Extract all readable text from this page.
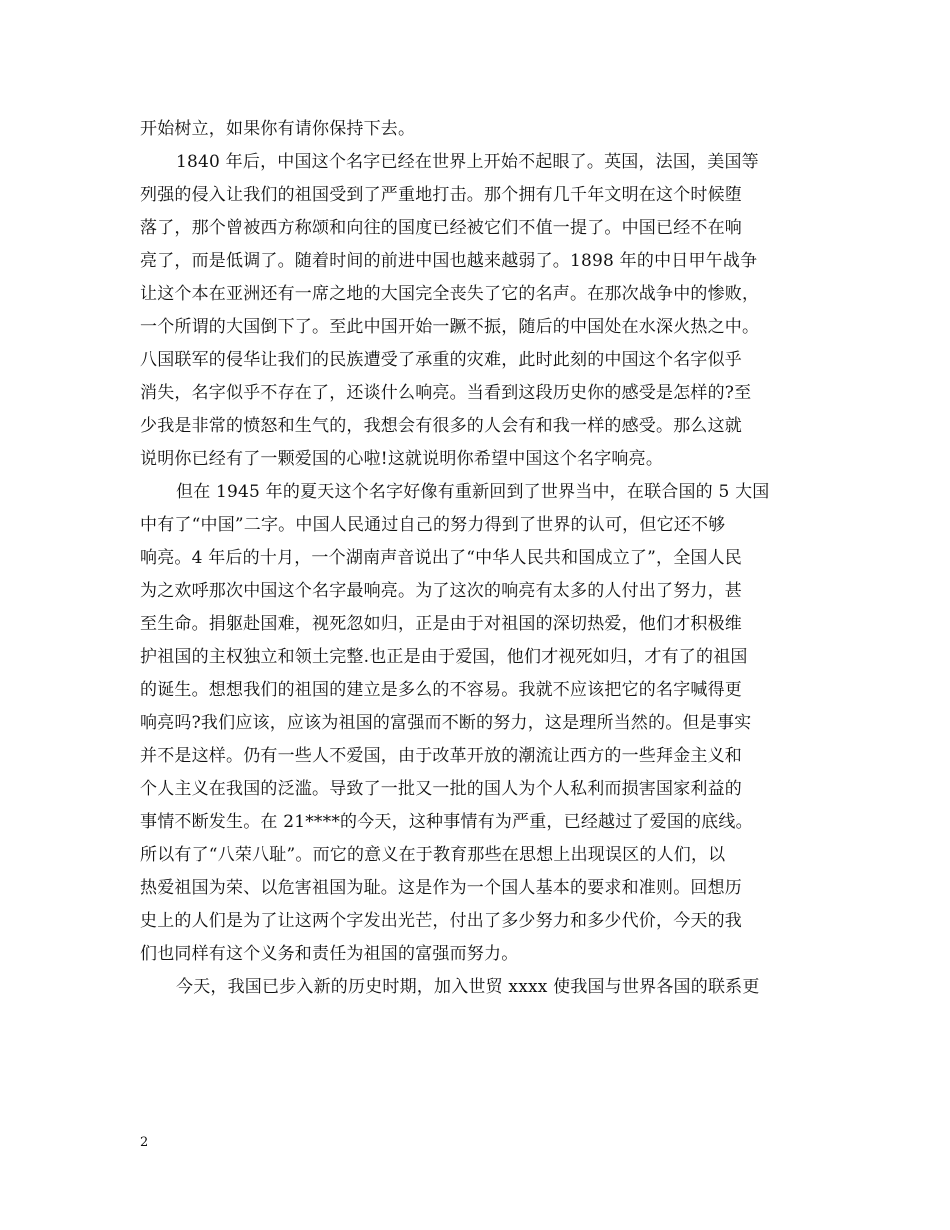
开始树立，如果你有请你保持下去。
1840 年后，中国这个名字已经在世界上开始不起眼了。英国，法国，美国等
列强的侵入让我们的祖国受到了严重地打击。那个拥有几千年文明在这个时候堕
落了，那个曾被西方称颂和向往的国度已经被它们不值一提了。中国已经不在响
亮了，而是低调了。随着时间的前进中国也越来越弱了。1898 年的中日甲午战争
让这个本在亚洲还有一席之地的大国完全丧失了它的名声。在那次战争中的惨败，
一个所谓的大国倒下了。至此中国开始一蹶不振，随后的中国处在水深火热之中。
八国联军的侵华让我们的民族遭受了承重的灾难，此时此刻的中国这个名字似乎
消失，名字似乎不存在了，还谈什么响亮。当看到这段历史你的感受是怎样的?至
少我是非常的愤怒和生气的，我想会有很多的人会有和我一样的感受。那么这就
说明你已经有了一颗爱国的心啦!这就说明你希望中国这个名字响亮。
但在 1945 年的夏天这个名字好像有重新回到了世界当中，在联合国的 5 大国
中有了“中国”二字。中国人民通过自己的努力得到了世界的认可，但它还不够
响亮。4 年后的十月，一个湖南声音说出了“中华人民共和国成立了”，全国人民
为之欢呼那次中国这个名字最响亮。为了这次的响亮有太多的人付出了努力，甚
至生命。捐躯赴国难，视死忽如归，正是由于对祖国的深切热爱，他们才积极维
护祖国的主权独立和领土完整.也正是由于爱国，他们才视死如归，才有了的祖国
的诞生。想想我们的祖国的建立是多么的不容易。我就不应该把它的名字喊得更
响亮吗?我们应该，应该为祖国的富强而不断的努力，这是理所当然的。但是事实
并不是这样。仍有一些人不爱国，由于改革开放的潮流让西方的一些拜金主义和
个人主义在我国的泛滥。导致了一批又一批的国人为个人私利而损害国家利益的
事情不断发生。在 21****的今天，这种事情有为严重，已经越过了爱国的底线。
所以有了“八荣八耻”。而它的意义在于教育那些在思想上出现误区的人们，以
热爱祖国为荣、以危害祖国为耻。这是作为一个国人基本的要求和准则。回想历
史上的人们是为了让这两个字发出光芒，付出了多少努力和多少代价，今天的我
们也同样有这个义务和责任为祖国的富强而努力。
今天，我国已步入新的历史时期，加入世贸 xxxx 使我国与世界各国的联系更
2
